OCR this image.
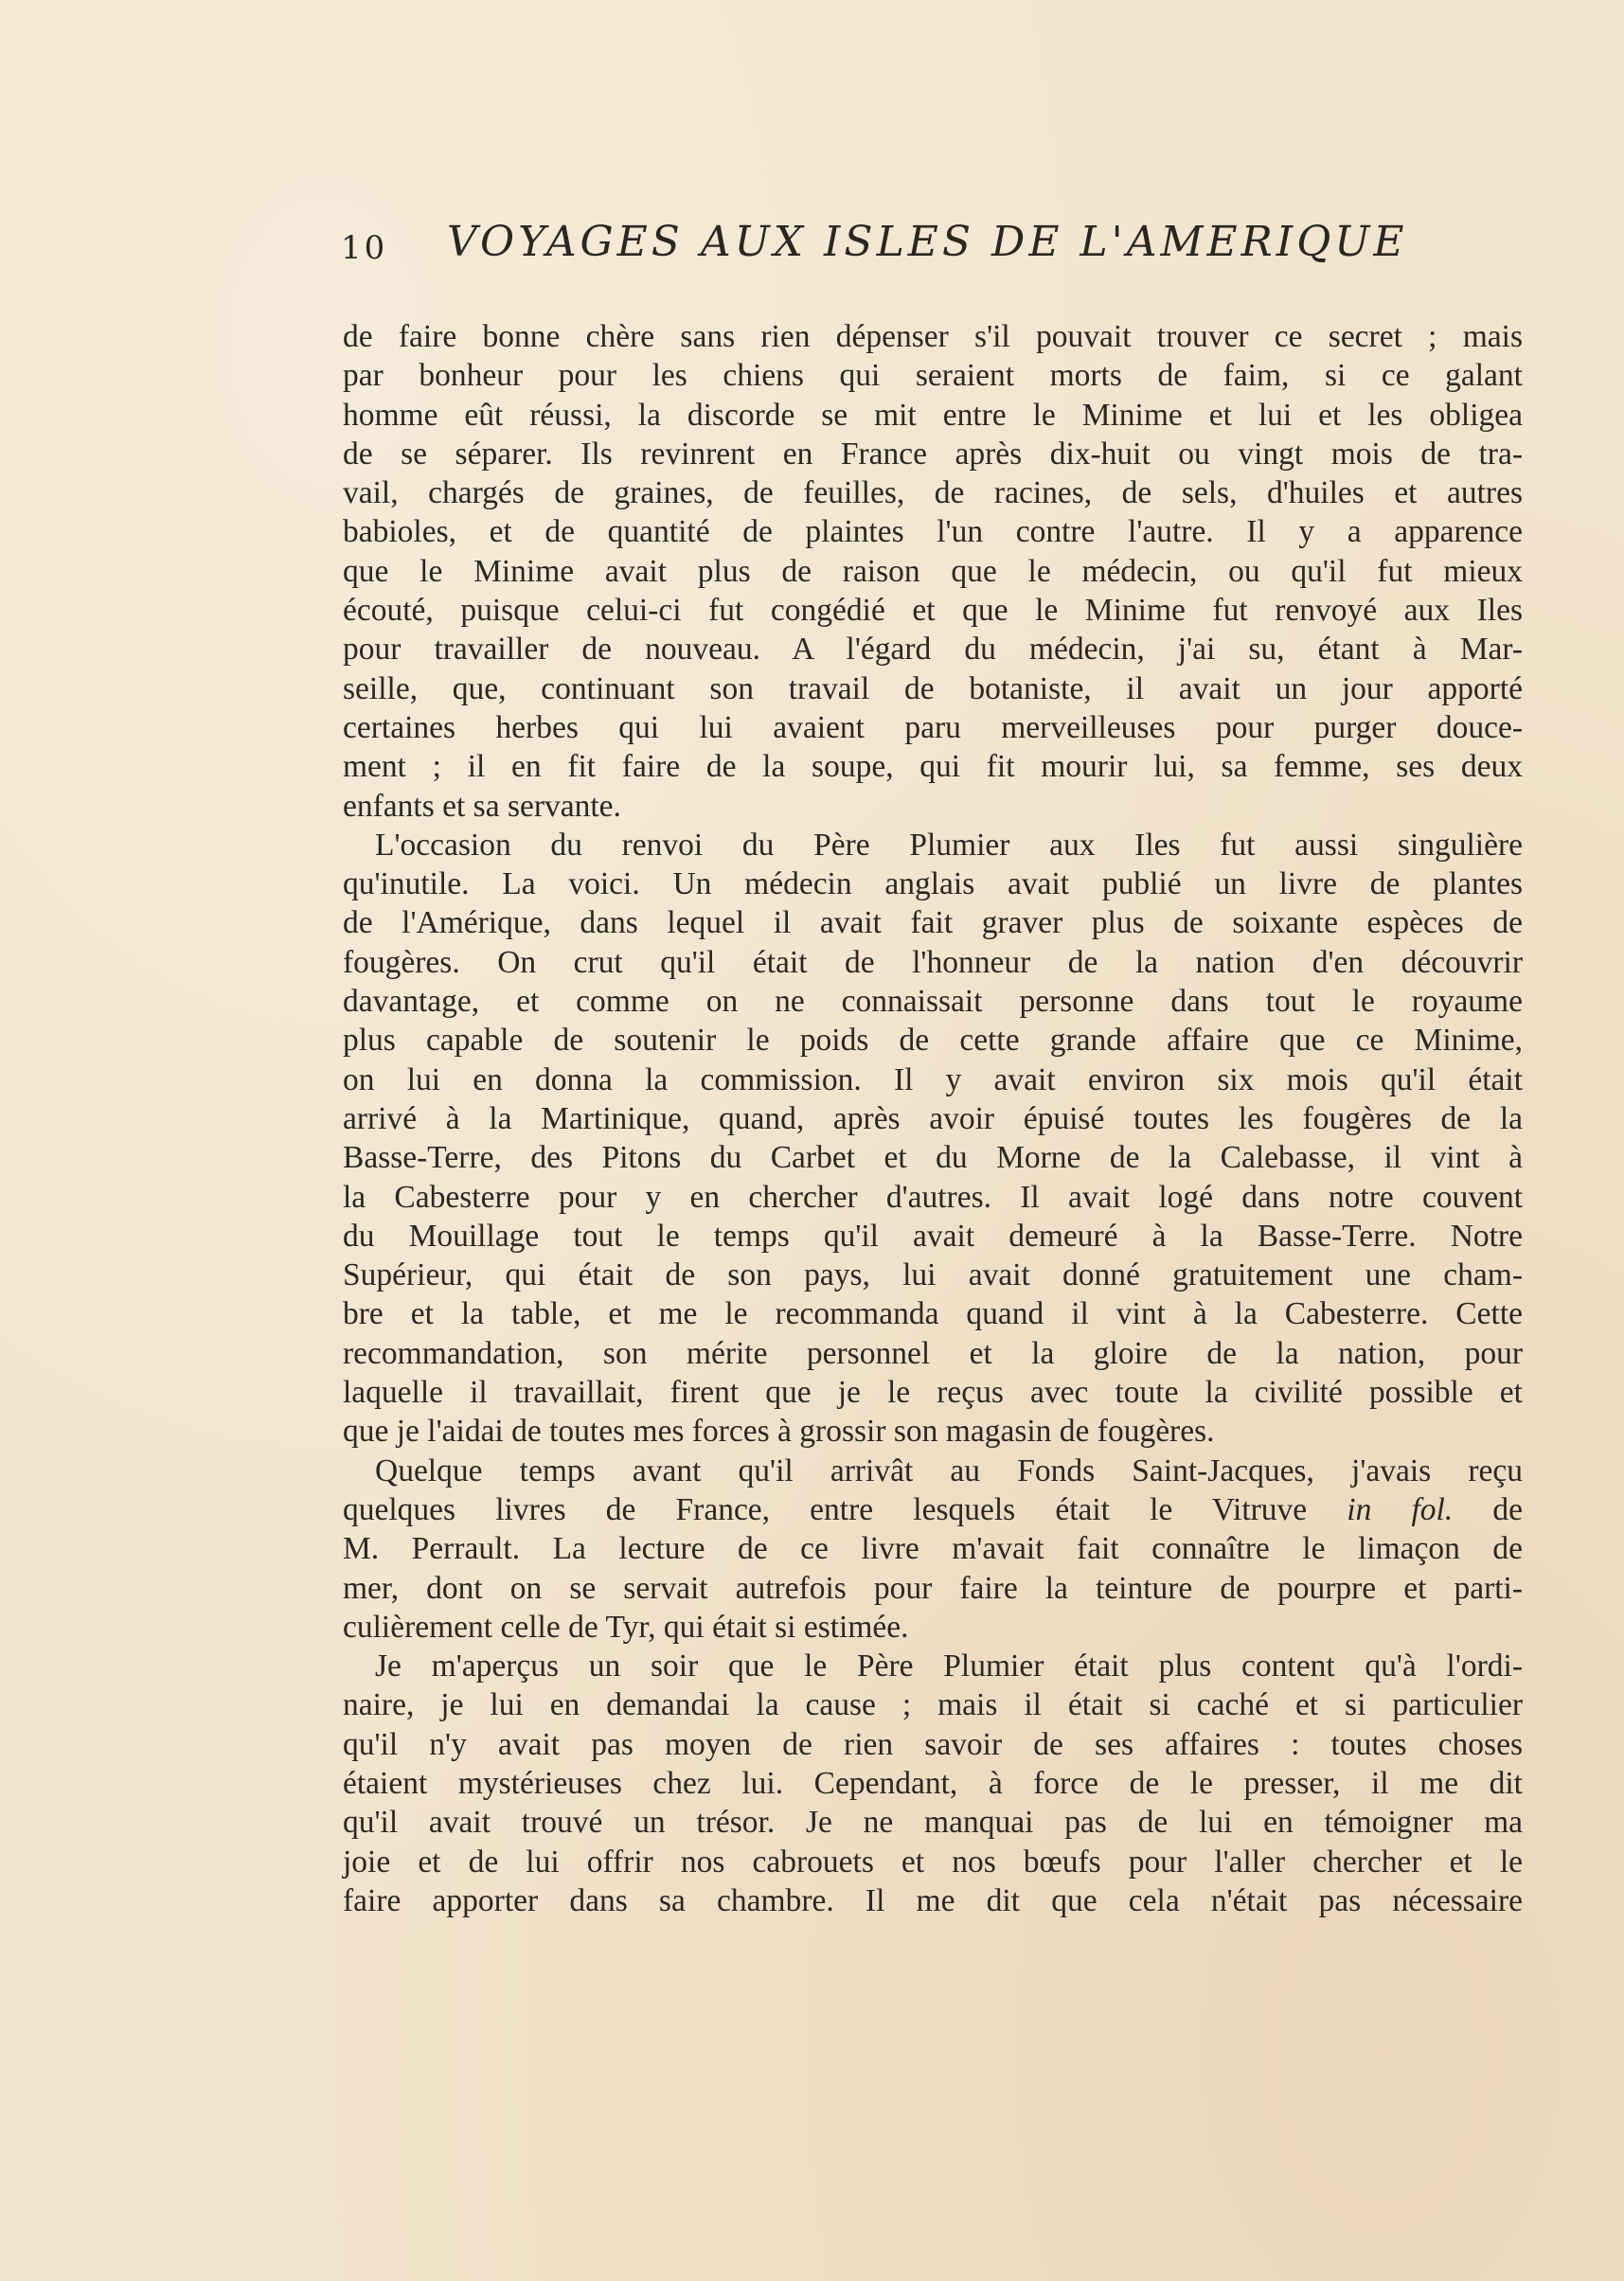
10 VOYAGES AUX ISLES DE L'AMERIQUE

de faire bonne chère sans rien dépenser s'il pouvait trouver ce secret ; mais

par bonheur pour les chiens qui seraient morts de faim, si ce galant

homme eût réussi, la discorde se mit entre le Minime et lui et les obligea

de se séparer. Ils revinrent en France après dix-huit ou vingt mois de tra-

vail, chargés de graines, de feuilles, de racines, de sels, d'huiles et autres

babioles, et de quantité de plaintes l'un contre l'autre. Il y a apparence

que le Minime avait plus de raison que le médecin, ou qu'il fut mieux

écouté, puisque celui-ci fut congédié et que le Minime fut renvoyé aux Iles

pour travailler de nouveau. A l'égard du médecin, j'ai su, étant à Mar-

seille, que, continuant son travail de botaniste, il avait un jour apporté

certaines herbes qui lui avaient paru merveilleuses pour purger douce-

ment ; il en fit faire de la soupe, qui fit mourir lui, sa femme, ses deux

enfants et sa servante.

L'occasion du renvoi du Père Plumier aux Iles fut aussi singulière

qu'inutile. La voici. Un médecin anglais avait publié un livre de plantes

de l'Amérique, dans lequel il avait fait graver plus de soixante espèces de

fougères. On crut qu'il était de l'honneur de la nation d'en découvrir

davantage, et comme on ne connaissait personne dans tout le royaume

plus capable de soutenir le poids de cette grande affaire que ce Minime,

on lui en donna la commission. Il y avait environ six mois qu'il était

arrivé à la Martinique, quand, après avoir épuisé toutes les fougères de la

Basse-Terre, des Pitons du Carbet et du Morne de la Calebasse, il vint à

la Cabesterre pour y en chercher d'autres. Il avait logé dans notre couvent

du Mouillage tout le temps qu'il avait demeuré à la Basse-Terre. Notre

Supérieur, qui était de son pays, lui avait donné gratuitement une cham-

bre et la table, et me le recommanda quand il vint à la Cabesterre. Cette

recommandation, son mérite personnel et la gloire de la nation, pour

laquelle il travaillait, firent que je le reçus avec toute la civilité possible et

que je l'aidai de toutes mes forces à grossir son magasin de fougères.

Quelque temps avant qu'il arrivât au Fonds Saint-Jacques, j'avais reçu

quelques livres de France, entre lesquels était le Vitruve in fol. de

M. Perrault. La lecture de ce livre m'avait fait connaître le limaçon de

mer, dont on se servait autrefois pour faire la teinture de pourpre et parti-

culièrement celle de Tyr, qui était si estimée.

Je m'aperçus un soir que le Père Plumier était plus content qu'à l'ordi-

naire, je lui en demandai la cause ; mais il était si caché et si particulier

qu'il n'y avait pas moyen de rien savoir de ses affaires : toutes choses

étaient mystérieuses chez lui. Cependant, à force de le presser, il me dit

qu'il avait trouvé un trésor. Je ne manquai pas de lui en témoigner ma

joie et de lui offrir nos cabrouets et nos bœufs pour l'aller chercher et le

faire apporter dans sa chambre. Il me dit que cela n'était pas nécessaire
